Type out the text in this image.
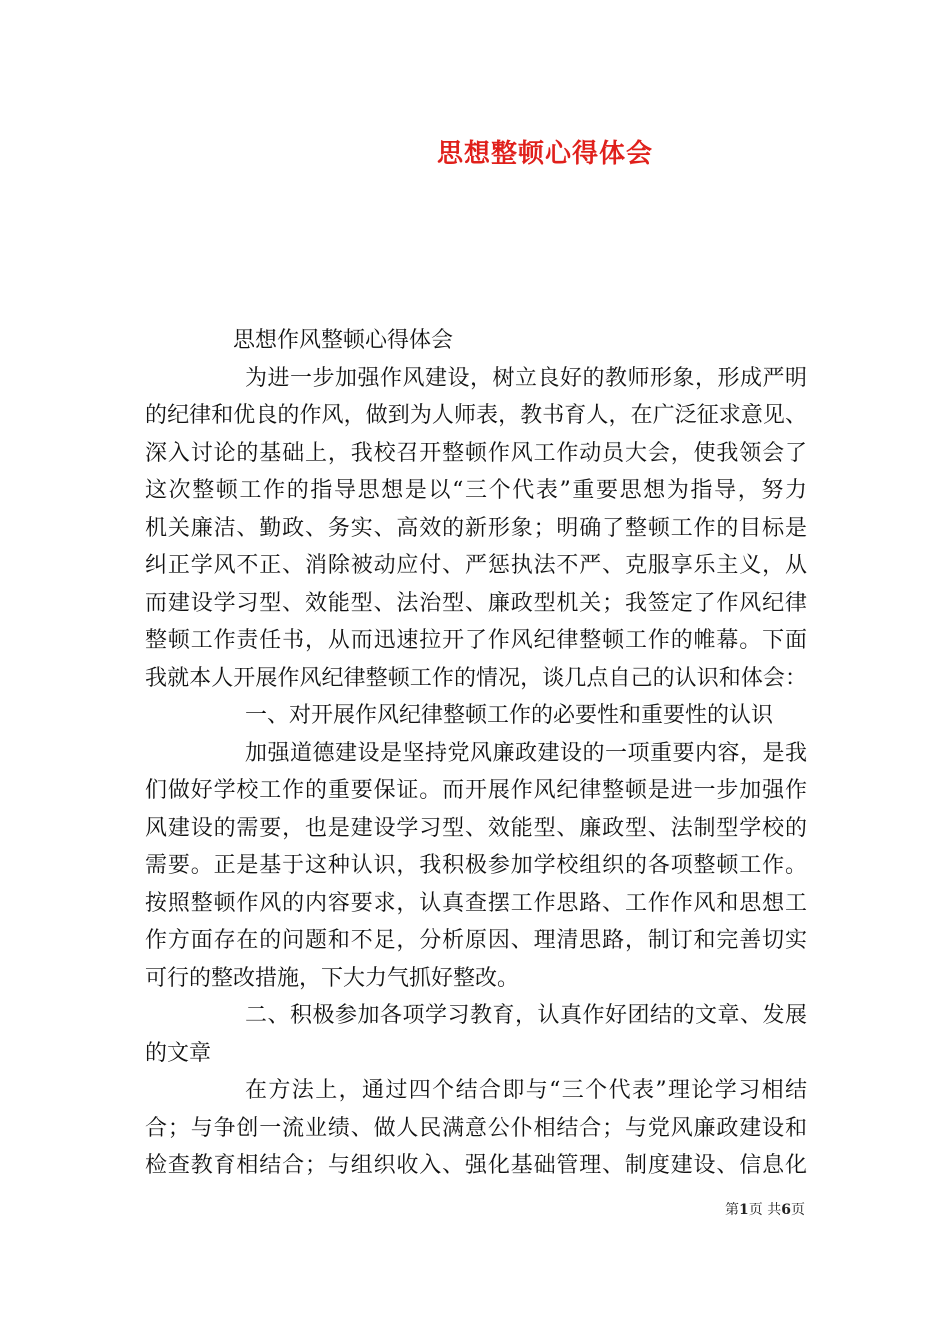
思想整顿心得体会
思想作风整顿心得体会
为进一步加强作风建设，树立良好的教师形象，形成严明
的纪律和优良的作风，做到为人师表，教书育人，在广泛征求意见、
深入讨论的基础上，我校召开整顿作风工作动员大会，使我领会了
这次整顿工作的指导思想是以“三个代表”重要思想为指导，努力
机关廉洁、勤政、务实、高效的新形象；明确了整顿工作的目标是
纠正学风不正、消除被动应付、严惩执法不严、克服享乐主义，从
而建设学习型、效能型、法治型、廉政型机关；我签定了作风纪律
整顿工作责任书，从而迅速拉开了作风纪律整顿工作的帷幕。下面
我就本人开展作风纪律整顿工作的情况，谈几点自己的认识和体会：
一、对开展作风纪律整顿工作的必要性和重要性的认识
加强道德建设是坚持党风廉政建设的一项重要内容，是我
们做好学校工作的重要保证。而开展作风纪律整顿是进一步加强作
风建设的需要，也是建设学习型、效能型、廉政型、法制型学校的
需要。正是基于这种认识，我积极参加学校组织的各项整顿工作。
按照整顿作风的内容要求，认真查摆工作思路、工作作风和思想工
作方面存在的问题和不足，分析原因、理清思路，制订和完善切实
可行的整改措施，下大力气抓好整改。
二、积极参加各项学习教育，认真作好团结的文章、发展
的文章
在方法上，通过四个结合即与“三个代表”理论学习相结
合；与争创一流业绩、做人民满意公仆相结合；与党风廉政建设和
检查教育相结合；与组织收入、强化基础管理、制度建设、信息化
第1页 共6页
